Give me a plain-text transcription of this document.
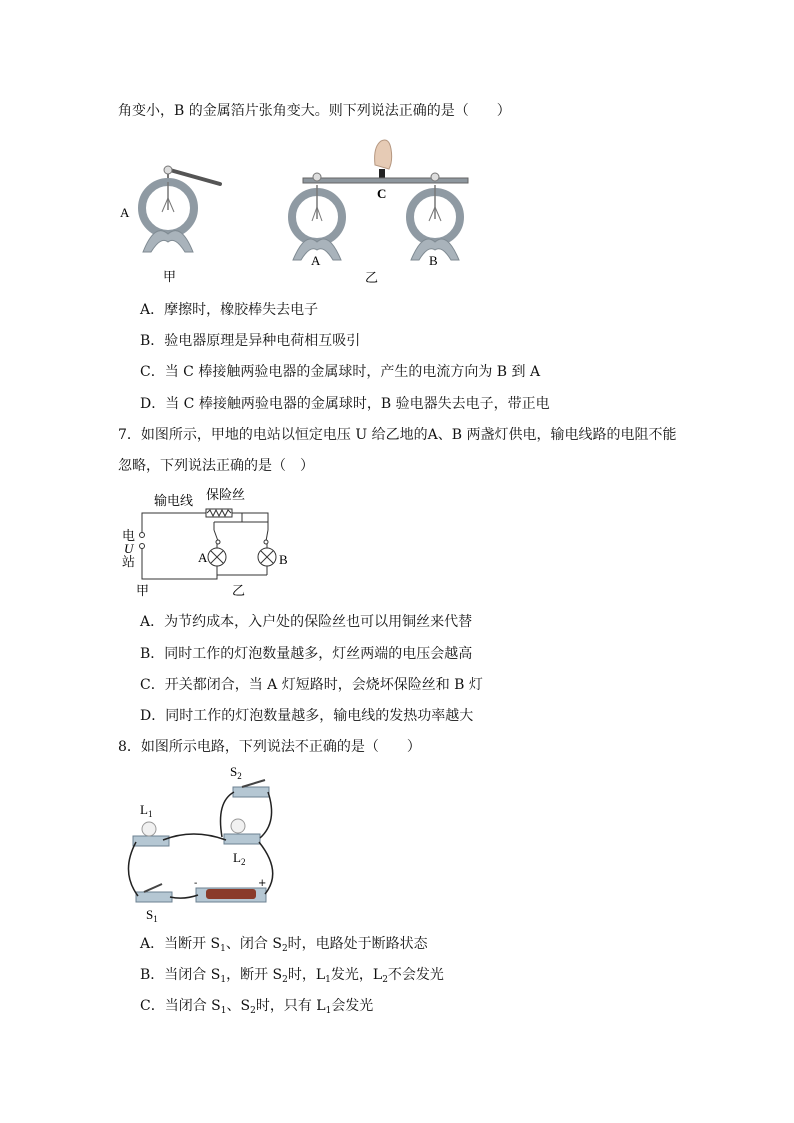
角变小，B 的金属箔片张角变大。则下列说法正确的是（　　）
A
甲
C
A	B
乙
A．摩擦时，橡胶棒失去电子
B．验电器原理是异种电荷相互吸引
C．当 C 棒接触两验电器的金属球时，产生的电流方向为 B 到 A
D．当 C 棒接触两验电器的金属球时，B 验电器失去电子，带正电
7．如图所示，甲地的电站以恒定电压 U 给乙地的A、B 两盏灯供电，输电线路的电阻不能
忽略，下列说法正确的是（　）
输电线 保险丝
电
U
站	A	B
甲	乙
A．为节约成本，入户处的保险丝也可以用铜丝来代替
B．同时工作的灯泡数量越多，灯丝两端的电压会越高
C．开关都闭合，当 A 灯短路时，会烧坏保险丝和 B 灯
D．同时工作的灯泡数量越多，输电线的发热功率越大
8．如图所示电路，下列说法不正确的是（　　）
$S_2$
$L_2$
$L_1$
$S_1$
-	+
A．当断开 $S_1$、闭合 $S_2$时，电路处于断路状态
B．当闭合 $S_1$，断开 $S_2$时，$L_1$发光，$L_2$不会发光
C．当闭合 $S_1$、$S_2$时，只有 $L_1$会发光
